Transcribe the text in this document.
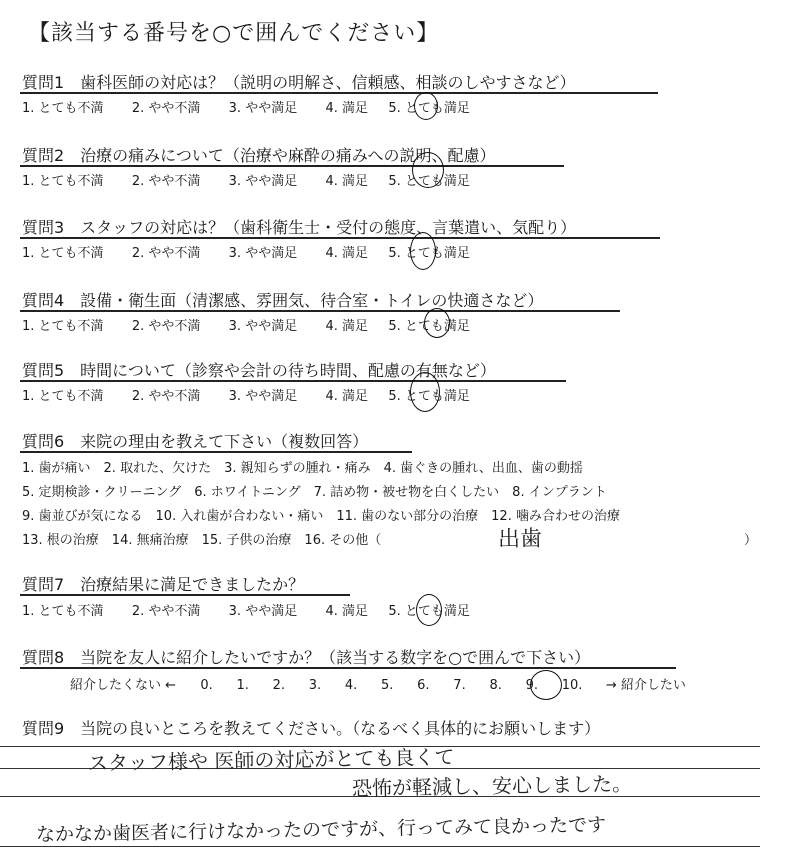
【該当する番号を○で囲んでください】
質問1　歯科医師の対応は？（説明の明解さ、信頼感、相談のしやすさなど）
1. とても不満 2. やや不満 3. やや満足 4. 満足 5. とても満足
質問2　治療の痛みについて（治療や麻酔の痛みへの説明、配慮）
1. とても不満 2. やや不満 3. やや満足 4. 満足 5. とても満足
質問3　スタッフの対応は？（歯科衛生士・受付の態度、言葉遣い、気配り）
1. とても不満 2. やや不満 3. やや満足 4. 満足 5. とても満足
質問4　設備・衛生面（清潔感、雰囲気、待合室・トイレの快適さなど）
1. とても不満 2. やや不満 3. やや満足 4. 満足 5. とても満足
質問5　時間について（診察や会計の待ち時間、配慮の有無など）
1. とても不満 2. やや不満 3. やや満足 4. 満足 5. とても満足
質問6　来院の理由を教えて下さい（複数回答）
1. 歯が痛い　2. 取れた、欠けた　3. 親知らずの腫れ・痛み　4. 歯ぐきの腫れ、出血、歯の動揺
5. 定期検診・クリーニング　6. ホワイトニング　7. 詰め物・被せ物を白くしたい　8. インプラント
9. 歯並びが気になる　10. 入れ歯が合わない・痛い　11. 歯のない部分の治療　12. 噛み合わせの治療
13. 根の治療　14. 無痛治療　15. 子供の治療　16. その他（	出歯	）
質問7　治療結果に満足できましたか？
1. とても不満 2. やや不満 3. やや満足 4. 満足 5. とても満足
質問8　当院を友人に紹介したいですか？（該当する数字を○で囲んで下さい）
紹介したくない ← 0. 1. 2. 3. 4. 5. 6. 7. 8. 9. 10. → 紹介したい
質問9　当院の良いところを教えてください。（なるべく具体的にお願いします）
スタッフ様や 医師の対応がとても良くて
恐怖が軽減し、安心しました。
なかなか歯医者に行けなかったのですが、行ってみて良かったです
